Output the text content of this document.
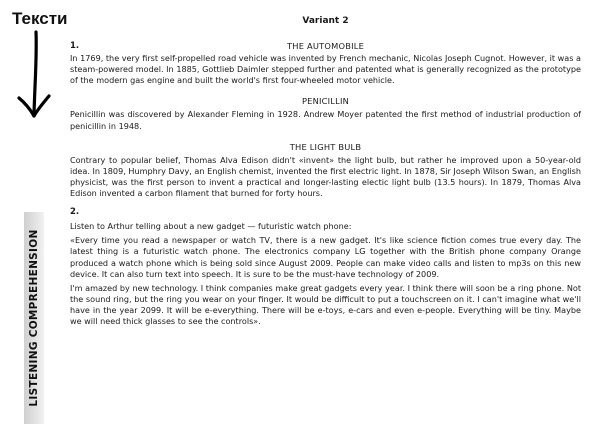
Тексти
LISTENING COMPREHENSION
Variant 2
1.	THE AUTOMOBILE

In 1769, the very first self-propelled road vehicle was invented by French mechanic, Nicolas Joseph Cugnot. However, it was a steam-powered model. In 1885, Gottlieb Daimler stepped further and patented what is generally recognized as the prototype of the modern gas engine and built the world's first four-wheeled motor vehicle.

PENICILLIN

Penicillin was discovered by Alexander Fleming in 1928. Andrew Moyer patented the first method of industrial production of penicillin in 1948.

THE LIGHT BULB

Contrary to popular belief, Thomas Alva Edison didn't «invent» the light bulb, but rather he improved upon a 50-year-old idea. In 1809, Humphry Davy, an English chemist, invented the first electric light. In 1878, Sir Joseph Wilson Swan, an English physicist, was the first person to invent a practical and longer-lasting electic light bulb (13.5 hours). In 1879, Thomas Alva Edison invented a carbon filament that burned for forty hours.

2.

Listen to Arthur telling about a new gadget — futuristic watch phone:

«Every time you read a newspaper or watch TV, there is a new gadget. It's like science fiction comes true every day. The latest thing is a futuristic watch phone. The electronics company LG together with the British phone company Orange produced a watch phone which is being sold since August 2009. People can make video calls and listen to mp3s on this new device. It can also turn text into speech. It is sure to be the must-have technology of 2009.

I'm amazed by new technology. I think companies make great gadgets every year. I think there will soon be a ring phone. Not the sound ring, but the ring you wear on your finger. It would be difficult to put a touchscreen on it. I can't imagine what we'll have in the year 2099. It will be e-everything. There will be e-toys, e-cars and even e-people. Everything will be tiny. Maybe we will need thick glasses to see the controls».
